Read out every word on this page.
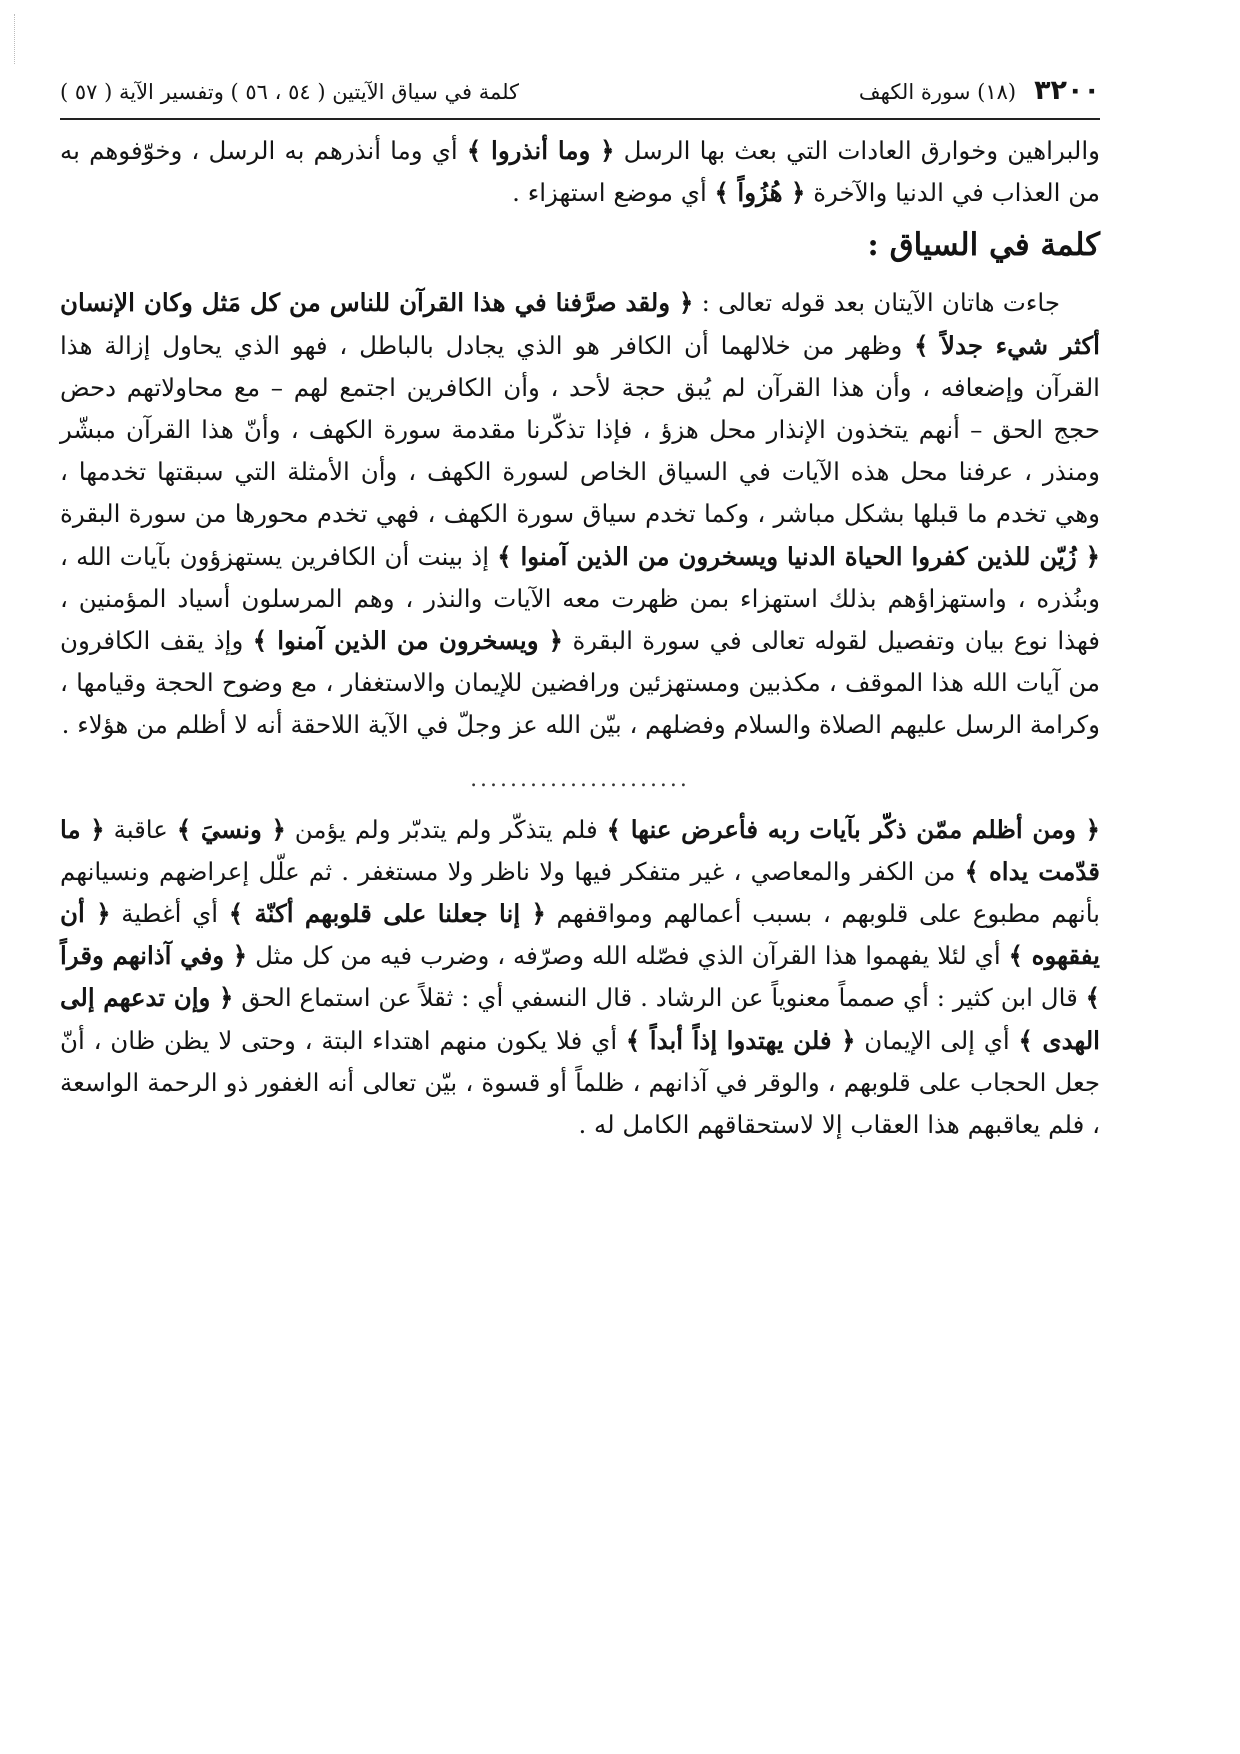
٣٢٠٠
(١٨) سورة الكهف
كلمة في سياق الآيتين ( ٥٤ ، ٥٦ ) وتفسير الآية ( ٥٧ )

والبراهين وخوارق العادات التي بعث بها الرسل ﴿ وما أنذروا ﴾ أي وما أنذرهم به الرسل ، وخوّفوهم به من العذاب في الدنيا والآخرة ﴿ هُزُواً ﴾ أي موضع استهزاء .

كلمة في السياق :

جاءت هاتان الآيتان بعد قوله تعالى : ﴿ ولقد صرَّفنا في هذا القرآن للناس من كل مَثل وكان الإنسان أكثر شيء جدلاً ﴾ وظهر من خلالهما أن الكافر هو الذي يجادل بالباطل ، فهو الذي يحاول إزالة هذا القرآن وإضعافه ، وأن هذا القرآن لم يُبق حجة لأحد ، وأن الكافرين اجتمع لهم – مع محاولاتهم دحض حجج الحق – أنهم يتخذون الإنذار محل هزؤ ، فإذا تذكّرنا مقدمة سورة الكهف ، وأنّ هذا القرآن مبشّر ومنذر ، عرفنا محل هذه الآيات في السياق الخاص لسورة الكهف ، وأن الأمثلة التي سبقتها تخدمها ، وهي تخدم ما قبلها بشكل مباشر ، وكما تخدم سياق سورة الكهف ، فهي تخدم محورها من سورة البقرة ﴿ زُيّن للذين كفروا الحياة الدنيا ويسخرون من الذين آمنوا ﴾ إذ بينت أن الكافرين يستهزؤون بآيات الله ، وبنُذره ، واستهزاؤهم بذلك استهزاء بمن ظهرت معه الآيات والنذر ، وهم المرسلون أسياد المؤمنين ، فهذا نوع بيان وتفصيل لقوله تعالى في سورة البقرة ﴿ ويسخرون من الذين آمنوا ﴾ وإذ يقف الكافرون من آيات الله هذا الموقف ، مكذبين ومستهزئين ورافضين للإيمان والاستغفار ، مع وضوح الحجة وقيامها ، وكرامة الرسل عليهم الصلاة والسلام وفضلهم ، بيّن الله عز وجلّ في الآية اللاحقة أنه لا أظلم من هؤلاء .

......................

﴿ ومن أظلم ممّن ذكّر بآيات ربه فأعرض عنها ﴾ فلم يتذكّر ولم يتدبّر ولم يؤمن ﴿ ونسيَ ﴾ عاقبة ﴿ ما قدّمت يداه ﴾ من الكفر والمعاصي ، غير متفكر فيها ولا ناظر ولا مستغفر . ثم علّل إعراضهم ونسيانهم بأنهم مطبوع على قلوبهم ، بسبب أعمالهم ومواقفهم ﴿ إنا جعلنا على قلوبهم أكنّة ﴾ أي أغطية ﴿ أن يفقهوه ﴾ أي لئلا يفهموا هذا القرآن الذي فصّله الله وصرّفه ، وضرب فيه من كل مثل ﴿ وفي آذانهم وقراً ﴾ قال ابن كثير : أي صمماً معنوياً عن الرشاد . قال النسفي أي : ثقلاً عن استماع الحق ﴿ وإن تدعهم إلى الهدى ﴾ أي إلى الإيمان ﴿ فلن يهتدوا إذاً أبداً ﴾ أي فلا يكون منهم اهتداء البتة ، وحتى لا يظن ظان ، أنّ جعل الحجاب على قلوبهم ، والوقر في آذانهم ، ظلماً أو قسوة ، بيّن تعالى أنه الغفور ذو الرحمة الواسعة ، فلم يعاقبهم هذا العقاب إلا لاستحقاقهم الكامل له .
